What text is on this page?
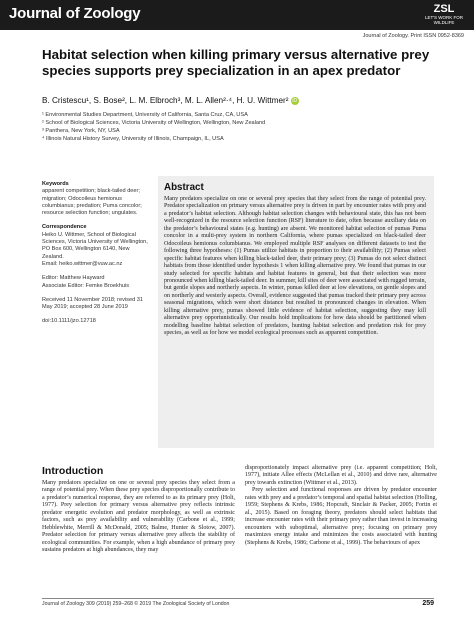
Journal of Zoology	ZSL
LET'S WORK FOR WILDLIFE
Journal of Zoology. Print ISSN 0952-8369
Habitat selection when killing primary versus alternative prey species supports prey specialization in an apex predator
B. Cristescu¹, S. Bose², L. M. Elbroch³, M. L. Allen²·⁴, H. U. Wittmer² iD
¹ Environmental Studies Department, University of California, Santa Cruz, CA, USA
² School of Biological Sciences, Victoria University of Wellington, Wellington, New Zealand
³ Panthera, New York, NY, USA
⁴ Illinois Natural History Survey, University of Illinois, Champaign, IL, USA
Keywords
apparent competition; black-tailed deer; migration; Odocoileus hemionus columbianus; predation; Puma concolor; resource selection function; ungulates.
Correspondence
Heiko U. Wittmer, School of Biological Sciences, Victoria University of Wellington, PO Box 600, Wellington 6140, New Zealand.
Email: heiko.wittmer@vuw.ac.nz
Editor: Matthew Hayward
Associate Editor: Femke Broekhuis
Received 11 November 2018; revised 31 May 2019; accepted 28 June 2019
doi:10.1111/jzo.12718
Abstract
Many predators specialize on one or several prey species that they select from the range of potential prey. Predator specialization on primary versus alternative prey is driven in part by encounter rates with prey and a predator’s habitat selection. Although habitat selection changes with behavioural state, this has not been well-recognized in the resource selection function (RSF) literature to date, often because auxiliary data on the predator’s behavioural states (e.g. hunting) are absent. We monitored habitat selection of pumas Puma concolor in a multi-prey system in northern California, where pumas specialized on black-tailed deer Odocoileus hemionus columbianus. We employed multiple RSF analyses on different datasets to test the following three hypotheses: (1) Pumas utilize habitats in proportion to their availability; (2) Pumas select specific habitat features when killing black-tailed deer, their primary prey; (3) Pumas do not select distinct habitats from those identified under hypothesis 1 when killing alternative prey. We found that pumas in our study selected for specific habitats and habitat features in general, but that their selection was more pronounced when killing black-tailed deer. In summer, kill sites of deer were associated with rugged terrain, but gentle slopes and northerly aspects. In winter, pumas killed deer at low elevations, on gentle slopes and on northerly and westerly aspects. Overall, evidence suggested that pumas tracked their primary prey across seasonal migrations, which were short distance but resulted in pronounced changes in elevation. When killing alternative prey, pumas showed little evidence of habitat selection, suggesting they may kill alternative prey opportunistically. Our results hold implications for how data should be partitioned when modelling baseline habitat selection of predators, hunting habitat selection and predation risk for prey species, as well as for how we model ecological processes such as apparent competition.
Introduction

Many predators specialize on one or several prey species they select from a range of potential prey. When these prey species disproportionally contribute to a predator’s numerical response, they are referred to as its primary prey (Holt, 1977). Prey selection for primary versus alternative prey reflects intrinsic predator energetic evolution and predator morphology, as well as extrinsic factors, such as prey availability and vulnerability (Carbone et al., 1999; Hebblewhite, Merrill & McDonald, 2005; Balme, Hunter & Slotow, 2007). Predator selection for primary versus alternative prey affects the stability of ecological communities. For example, when a high abundance of primary prey sustains predators at high abundances, they may

disproportionately impact alternative prey (i.e. apparent competition; Holt, 1977), initiate Allee effects (McLellan et al., 2010) and drive rare, alternative prey towards extinction (Wittmer et al., 2013).

Prey selection and functional responses are driven by predator encounter rates with prey and a predator’s temporal and spatial habitat selection (Holling, 1959; Stephens & Krebs, 1986; Hopcraft, Sinclair & Packer, 2005; Fortin et al., 2015). Based on foraging theory, predators should select habitats that increase encounter rates with their primary prey rather than invest in increasing encounters with suboptimal, alternative prey; focusing on primary prey maximizes energy intake and minimizes the costs associated with hunting (Stephens & Krebs, 1986; Carbone et al., 1999). The behaviours of apex

Journal of Zoology 309 (2019) 259–268 © 2019 The Zoological Society of London	259
